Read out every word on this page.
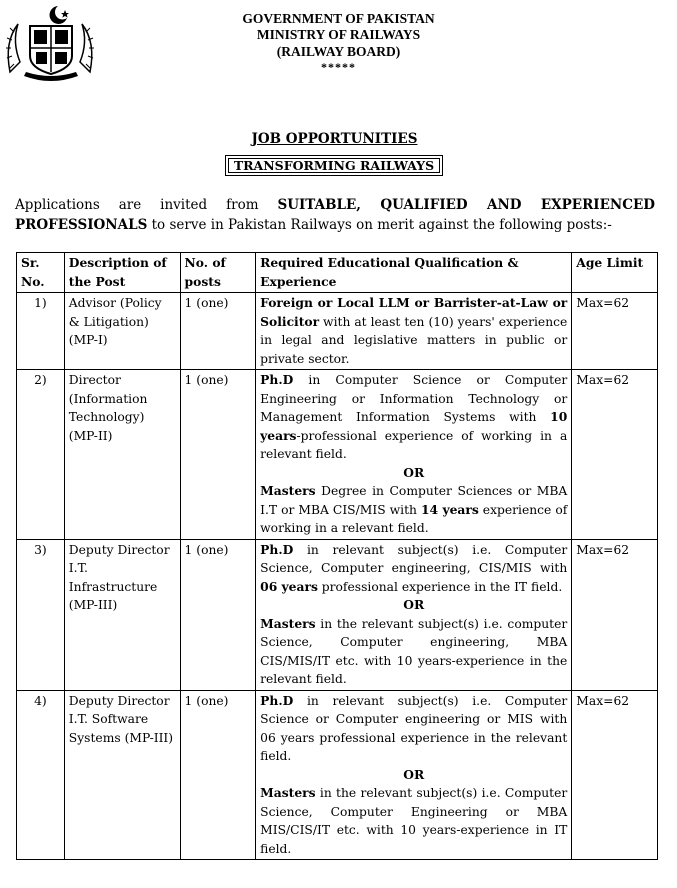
GOVERNMENT OF PAKISTAN
MINISTRY OF RAILWAYS
(RAILWAY BOARD)
*****
JOB OPPORTUNITIES
TRANSFORMING RAILWAYS
Applications are invited from SUITABLE, QUALIFIED AND EXPERIENCED
PROFESSIONALS to serve in Pakistan Railways on merit against the following posts:-
Sr. No.	Description of the Post	No. of posts	Required Educational Qualification & Experience	Age Limit
1)	Advisor (Policy & Litigation) (MP-I)	1 (one)	Foreign or Local LLM or Barrister-at-Law or Solicitor with at least ten (10) years' experience in legal and legislative matters in public or private sector.	Max=62
2)	Director (Information Technology) (MP-II)	1 (one)	Ph.D in Computer Science or Computer Engineering or Information Technology or Management Information Systems with 10 years-professional experience of working in a relevant field.
OR
Masters Degree in Computer Sciences or MBA I.T or MBA CIS/MIS with 14 years experience of working in a relevant field.	Max=62
3)	Deputy Director I.T. Infrastructure (MP-III)	1 (one)	Ph.D in relevant subject(s) i.e. Computer Science, Computer engineering, CIS/MIS with 06 years professional experience in the IT field.
OR
Masters in the relevant subject(s) i.e. computer Science, Computer engineering, MBA CIS/MIS/IT etc. with 10 years-experience in the relevant field.	Max=62
4)	Deputy Director I.T. Software Systems (MP-III)	1 (one)	Ph.D in relevant subject(s) i.e. Computer Science or Computer engineering or MIS with 06 years professional experience in the relevant field.
OR
Masters in the relevant subject(s) i.e. Computer Science, Computer Engineering or MBA MIS/CIS/IT etc. with 10 years-experience in IT field.	Max=62
